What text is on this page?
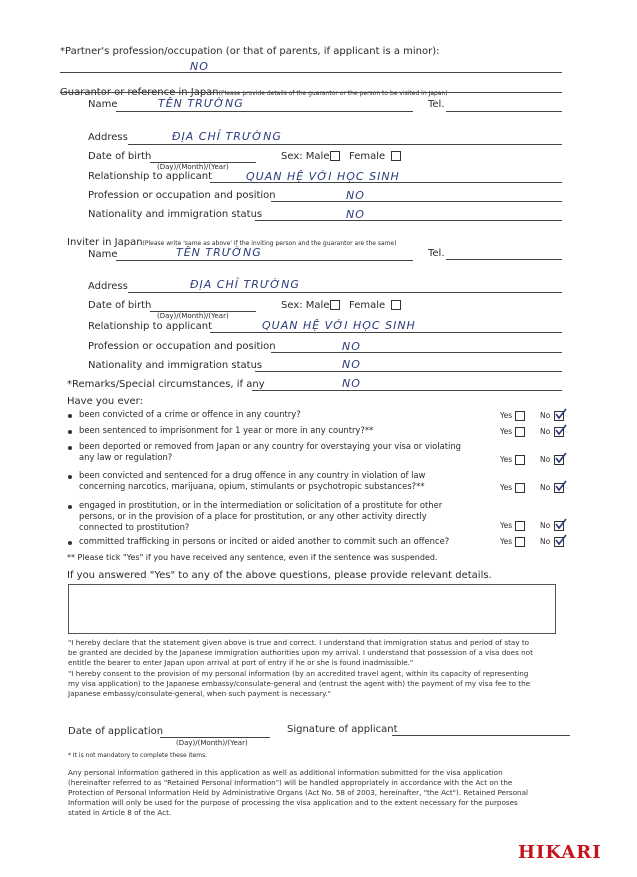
*Partner's profession/occupation (or that of parents, if applicant is a minor):
NO
Guarantor or reference in Japan(Please provide details of the guarantor or the person to be visited in Japan)
Name	TÊN TRƯỜNG	Tel.
Address	ĐỊA CHỈ TRƯỜNG
Date of birth
(Day)/(Month)/(Year)
Sex: Male Female
Relationship to applicant	QUAN HỆ VỚI HỌC SINH
Profession or occupation and position	NO
Nationality and immigration status	NO
Inviter in Japan(Please write 'same as above' if the inviting person and the guarantor are the same)
Name	TÊN TRƯỜNG	Tel.
Address	ĐỊA CHỈ TRƯỜNG
Date of birth
(Day)/(Month)/(Year)
Sex: Male Female
Relationship to applicant	QUAN HỆ VỚI HỌC SINH
Profession or occupation and position	NO
Nationality and immigration status	NO
*Remarks/Special circumstances, if any	NO
Have you ever:
been convicted of a crime or offence in any country?	Yes	No
been sentenced to imprisonment for 1 year or more in any country?**	Yes	No
been deported or removed from Japan or any country for overstaying your visa or violating
any law or regulation?	Yes	No
been convicted and sentenced for a drug offence in any country in violation of law
concerning narcotics, marijuana, opium, stimulants or psychotropic substances?**	Yes	No
engaged in prostitution, or in the intermediation or solicitation of a prostitute for other
persons, or in the provision of a place for prostitution, or any other activity directly
connected to prostitution?	Yes	No
committed trafficking in persons or incited or aided another to commit such an offence?	Yes	No
** Please tick "Yes" if you have received any sentence, even if the sentence was suspended.
If you answered "Yes" to any of the above questions, please provide relevant details.
"I hereby declare that the statement given above is true and correct. I understand that immigration status and period of stay to
be granted are decided by the Japanese immigration authorities upon my arrival. I understand that possession of a visa does not
entitle the bearer to enter Japan upon arrival at port of entry if he or she is found inadmissible."
"I hereby consent to the provision of my personal information (by an accredited travel agent, within its capacity of representing
my visa application) to the Japanese embassy/consulate-general and (entrust the agent with) the payment of my visa fee to the
Japanese embassy/consulate-general, when such payment is necessary."
Date of application
(Day)/(Month)/(Year)
Signature of applicant
* It is not mandatory to complete these items.
Any personal information gathered in this application as well as additional information submitted for the visa application
(hereinafter referred to as "Retained Personal Information") will be handled appropriately in accordance with the Act on the
Protection of Personal Information Held by Administrative Organs (Act No. 58 of 2003, hereinafter, "the Act"). Retained Personal
Information will only be used for the purpose of processing the visa application and to the extent necessary for the purposes
stated in Article 8 of the Act.
HIKARI
